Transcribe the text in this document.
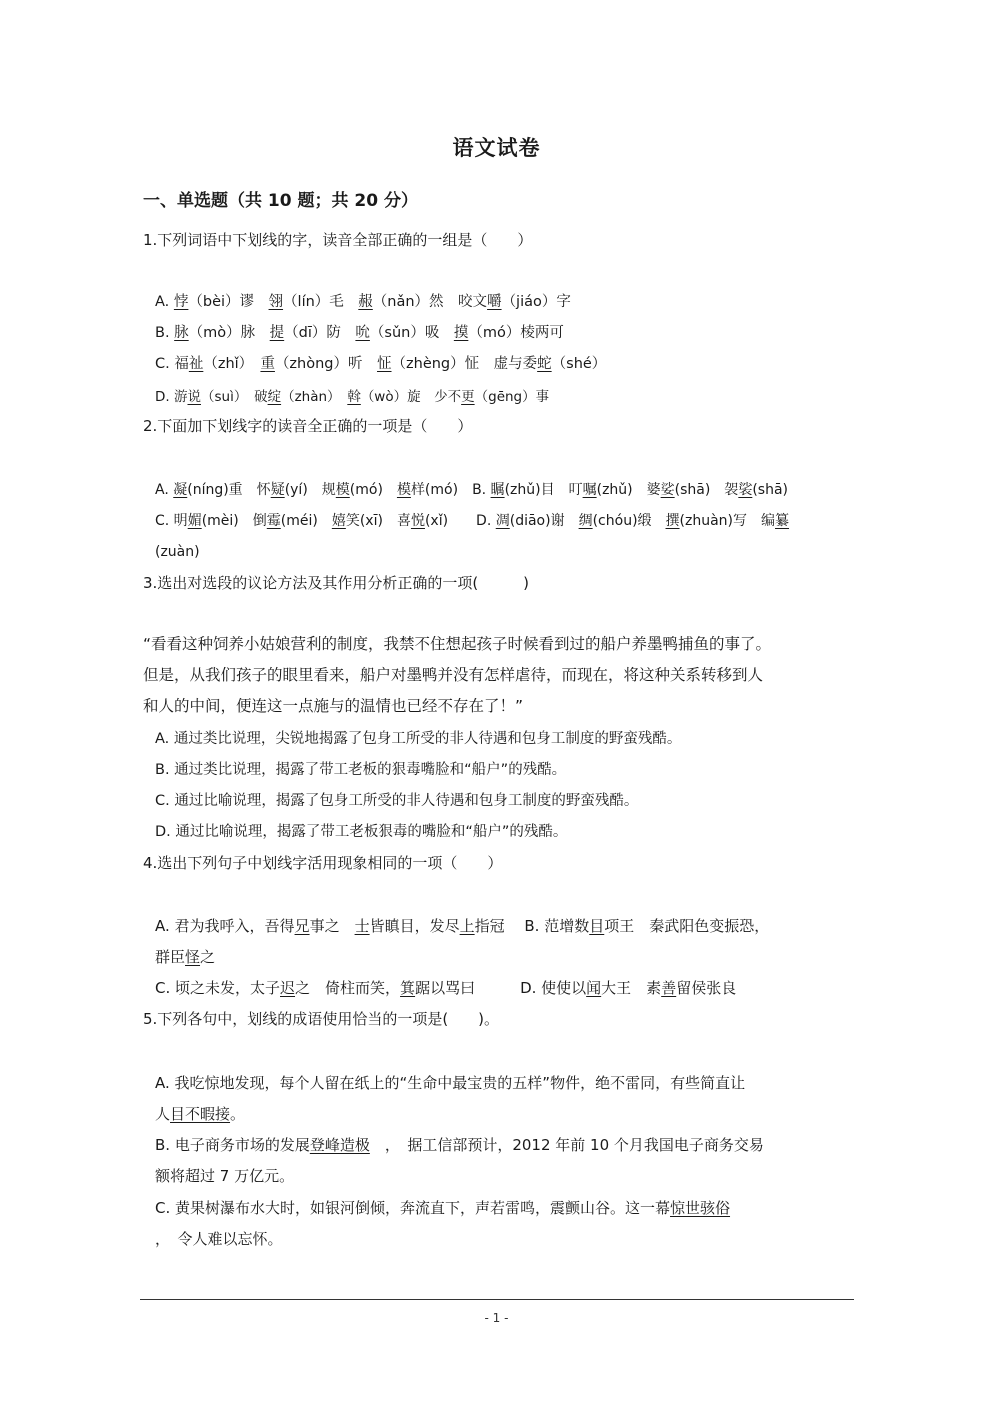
语文试卷
一、单选题（共 10 题；共 20 分）
1.下列词语中下划线的字，读音全部正确的一组是（　　）
A. 悖（bèi）谬　翎（lín）毛　赧（nǎn）然　咬文嚼（jiáo）字
B. 脉（mò）脉　提（dī）防　吮（sǔn）吸　摸（mó）棱两可
C. 福祉（zhǐ）　重（zhòng）听　怔（zhèng）怔　虚与委蛇（shé）
D. 游说（suì）　破绽（zhàn）　斡（wò）旋　少不更（gēng）事
2.下面加下划线字的读音全正确的一项是（　　）
A. 凝(níng)重　怀疑(yí)　规模(mó)　模样(mó)　B. 瞩(zhǔ)目　叮嘱(zhǔ)　婆娑(shā)　袈裟(shā)
C. 明媚(mèi)　倒霉(méi)　嬉笑(xī)　喜悦(xǐ)　　D. 凋(diāo)谢　绸(chóu)缎　撰(zhuàn)写　编纂
(zuàn)
3.选出对选段的议论方法及其作用分析正确的一项(　　　)
“看看这种饲养小姑娘营利的制度，我禁不住想起孩子时候看到过的船户养墨鸭捕鱼的事了。
但是，从我们孩子的眼里看来，船户对墨鸭并没有怎样虐待，而现在，将这种关系转移到人
和人的中间，便连这一点施与的温情也已经不存在了！”
A. 通过类比说理，尖锐地揭露了包身工所受的非人待遇和包身工制度的野蛮残酷。
B. 通过类比说理，揭露了带工老板的狠毒嘴脸和“船户”的残酷。
C. 通过比喻说理，揭露了包身工所受的非人待遇和包身工制度的野蛮残酷。
D. 通过比喻说理，揭露了带工老板狠毒的嘴脸和“船户”的残酷。
4.选出下列句子中划线字活用现象相同的一项（　　）
A. 君为我呼入，吾得兄事之　士皆瞋目，发尽上指冠　 B. 范增数目项王　秦武阳色变振恐，
群臣怪之
C. 顷之未发，太子迟之　倚柱而笑，箕踞以骂曰　　　D. 使使以闻大王　素善留侯张良
5.下列各句中，划线的成语使用恰当的一项是(　　)。
A. 我吃惊地发现，每个人留在纸上的“生命中最宝贵的五样”物件，绝不雷同，有些简直让
人目不暇接。
B. 电子商务市场的发展登峰造极　，　据工信部预计，2012 年前 10 个月我国电子商务交易
额将超过 7 万亿元。
C. 黄果树瀑布水大时，如银河倒倾，奔流直下，声若雷鸣，震颤山谷。这一幕惊世骇俗
，　令人难以忘怀。
- 1 -
